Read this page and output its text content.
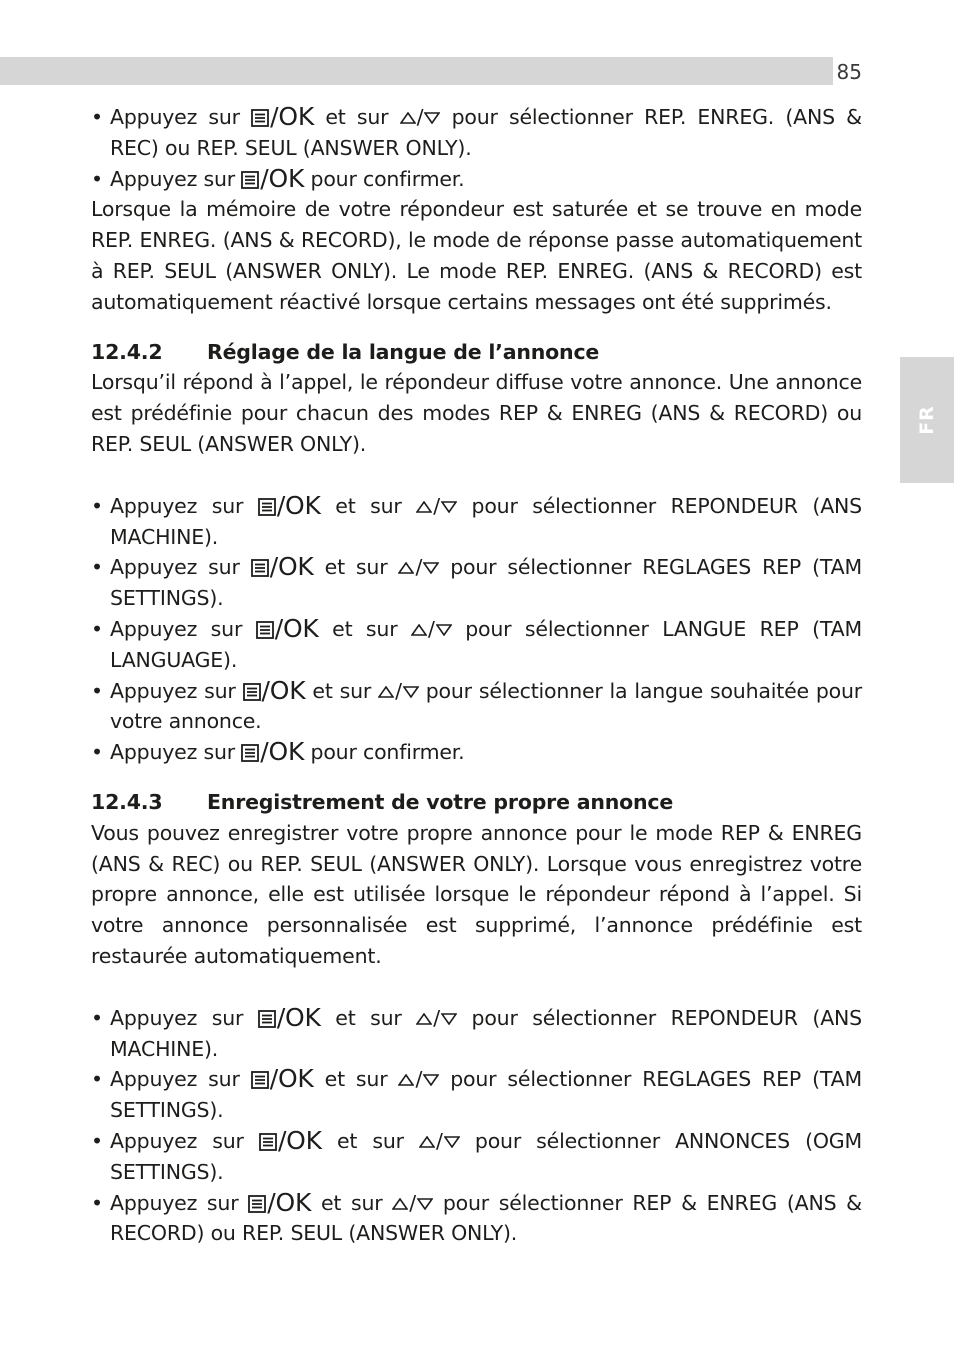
85
FR
• Appuyez sur /OK et sur / pour sélectionner REP. ENREG. (ANS & REC) ou REP. SEUL (ANSWER ONLY).
• Appuyez sur /OK pour confirmer.

Lorsque la mémoire de votre répondeur est saturée et se trouve en mode REP. ENREG. (ANS & RECORD), le mode de réponse passe automatiquement à REP. SEUL (ANSWER ONLY). Le mode REP. ENREG. (ANS & RECORD) est automatiquement réactivé lorsque certains messages ont été supprimés.

12.4.2 Réglage de la langue de l’annonce

Lorsqu’il répond à l’appel, le répondeur diffuse votre annonce. Une annonce est prédéfinie pour chacun des modes REP & ENREG (ANS & RECORD) ou REP. SEUL (ANSWER ONLY).

• Appuyez sur /OK et sur / pour sélectionner REPONDEUR (ANS MACHINE).
• Appuyez sur /OK et sur / pour sélectionner REGLAGES REP (TAM SETTINGS).
• Appuyez sur /OK et sur / pour sélectionner LANGUE REP (TAM LANGUAGE).
• Appuyez sur /OK et sur / pour sélectionner la langue souhaitée pour votre annonce.
• Appuyez sur /OK pour confirmer.
12.4.3 Enregistrement de votre propre annonce

Vous pouvez enregistrer votre propre annonce pour le mode REP & ENREG (ANS & REC) ou REP. SEUL (ANSWER ONLY). Lorsque vous enregistrez votre propre annonce, elle est utilisée lorsque le répondeur répond à l’appel. Si votre annonce personnalisée est supprimé, l’annonce prédéfinie est restaurée automatiquement.

• Appuyez sur /OK et sur / pour sélectionner REPONDEUR (ANS MACHINE).
• Appuyez sur /OK et sur / pour sélectionner REGLAGES REP (TAM SETTINGS).
• Appuyez sur /OK et sur / pour sélectionner ANNONCES (OGM SETTINGS).
• Appuyez sur /OK et sur / pour sélectionner REP & ENREG (ANS & RECORD) ou REP. SEUL (ANSWER ONLY).
